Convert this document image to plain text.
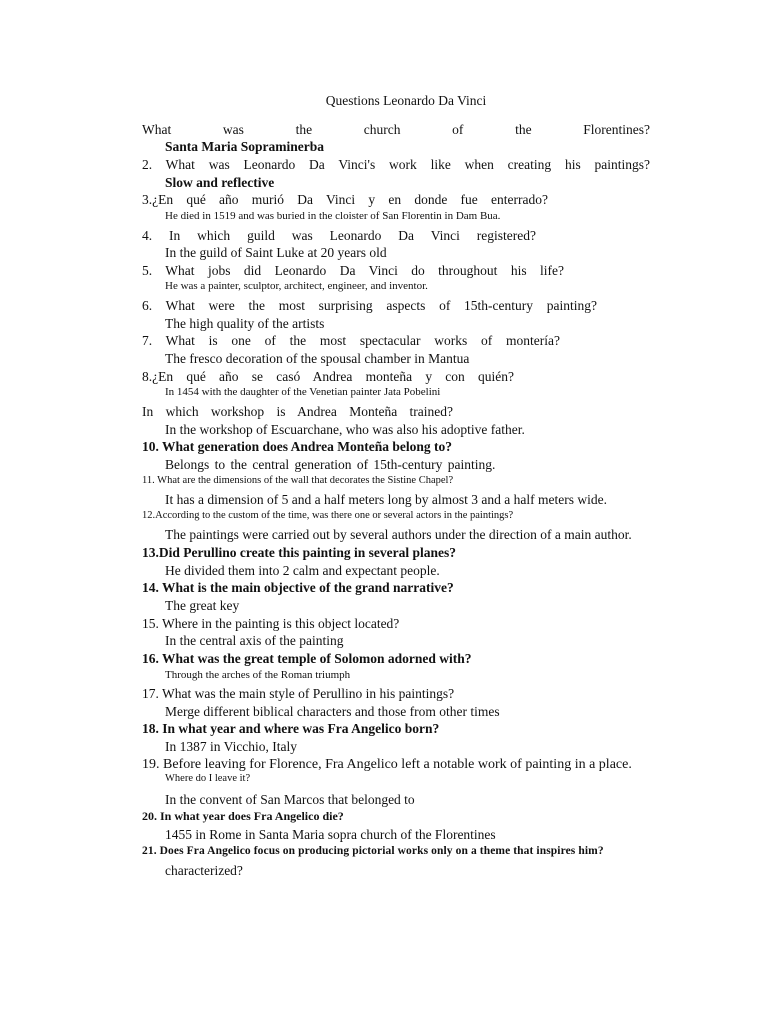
Questions Leonardo Da Vinci
What was the church of the Florentines?
Santa Maria Sopraminerba
2. What was Leonardo Da Vinci's work like when creating his paintings?
Slow and reflective
3.¿En qué año murió Da Vinci y en donde fue enterrado?
He died in 1519 and was buried in the cloister of San Florentin in Dam Bua.
4. In which guild was Leonardo Da Vinci registered?
In the guild of Saint Luke at 20 years old
5. What jobs did Leonardo Da Vinci do throughout his life?
He was a painter, sculptor, architect, engineer, and inventor.
6. What were the most surprising aspects of 15th-century painting?
The high quality of the artists
7. What is one of the most spectacular works of montería?
The fresco decoration of the spousal chamber in Mantua
8.¿En qué año se casó Andrea monteña y con quién?
In 1454 with the daughter of the Venetian painter Jata Pobelini
In which workshop is Andrea Monteña trained?
In the workshop of Escuarchane, who was also his adoptive father.
10. What generation does Andrea Monteña belong to?
Belongs to the central generation of 15th-century painting.
11. What are the dimensions of the wall that decorates the Sistine Chapel?
It has a dimension of 5 and a half meters long by almost 3 and a half meters wide.
12.According to the custom of the time, was there one or several actors in the paintings?
The paintings were carried out by several authors under the direction of a main author.
13.Did Perullino create this painting in several planes?
He divided them into 2 calm and expectant people.
14. What is the main objective of the grand narrative?
The great key
15. Where in the painting is this object located?
In the central axis of the painting
16. What was the great temple of Solomon adorned with?
Through the arches of the Roman triumph
17. What was the main style of Perullino in his paintings?
Merge different biblical characters and those from other times
18. In what year and where was Fra Angelico born?
In 1387 in Vicchio, Italy
19. Before leaving for Florence, Fra Angelico left a notable work of painting in a place.
Where do I leave it?
In the convent of San Marcos that belonged to
20. In what year does Fra Angelico die?
1455 in Rome in Santa Maria sopra church of the Florentines
21. Does Fra Angelico focus on producing pictorial works only on a theme that inspires him?
characterized?
